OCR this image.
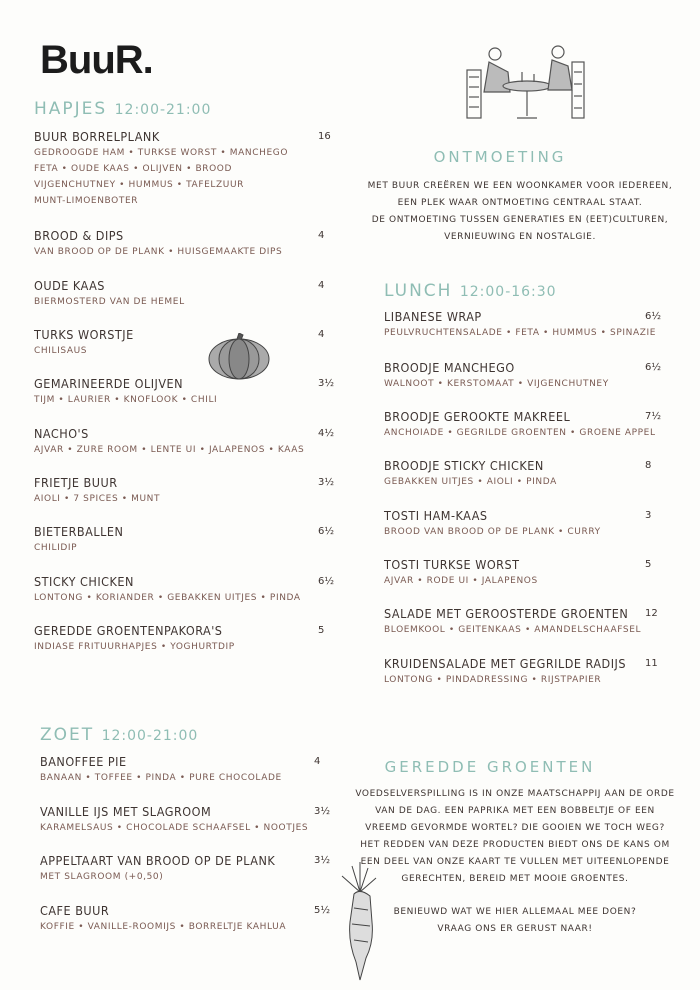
BuuR.
HAPJES 12:00-21:00
BUUR BORRELPLANK
GEDROOGDE HAM • TURKSE WORST • MANCHEGO
FETA • OUDE KAAS • OLIJVEN • BROOD
VIJGENCHUTNEY • HUMMUS • TAFELZUUR
MUNT-LIMOENBOTER
16
BROOD & DIPS
VAN BROOD OP DE PLANK • HUISGEMAAKTE DIPS
4
OUDE KAAS
BIERMOSTERD VAN DE HEMEL
4
TURKS WORSTJE
CHILISAUS
4
GEMARINEERDE OLIJVEN
TIJM • LAURIER • KNOFLOOK • CHILI
3½
NACHO'S
AJVAR • ZURE ROOM • LENTE UI • JALAPENOS • KAAS
4½
FRIETJE BUUR
AIOLI • 7 SPICES • MUNT
3½
BIETERBALLEN
CHILIDIP
6½
STICKY CHICKEN
LONTONG • KORIANDER • GEBAKKEN UITJES • PINDA
6½
GEREDDE GROENTENPAKORA'S
INDIASE FRITUURHAPJES • YOGHURTDIP
5
ONTMOETING
MET BUUR CREËREN WE EEN WOONKAMER VOOR IEDEREEN,
EEN PLEK WAAR ONTMOETING CENTRAAL STAAT.
DE ONTMOETING TUSSEN GENERATIES EN (EET)CULTUREN,
VERNIEUWING EN NOSTALGIE.
LUNCH 12:00-16:30
LIBANESE WRAP
PEULVRUCHTENSALADE • FETA • HUMMUS • SPINAZIE
6½
BROODJE MANCHEGO
WALNOOT • KERSTOMAAT • VIJGENCHUTNEY
6½
BROODJE GEROOKTE MAKREEL
ANCHOIADE • GEGRILDE GROENTEN • GROENE APPEL
7½
BROODJE STICKY CHICKEN
GEBAKKEN UITJES • AIOLI • PINDA
8
TOSTI HAM-KAAS
BROOD VAN BROOD OP DE PLANK • CURRY
3
TOSTI TURKSE WORST
AJVAR • RODE UI • JALAPENOS
5
SALADE MET GEROOSTERDE GROENTEN
BLOEMKOOL • GEITENKAAS • AMANDELSCHAAFSEL
12
KRUIDENSALADE MET GEGRILDE RADIJS
LONTONG • PINDADRESSING • RIJSTPAPIER
11
ZOET 12:00-21:00
BANOFFEE PIE
BANAAN • TOFFEE • PINDA • PURE CHOCOLADE
4
VANILLE IJS MET SLAGROOM
KARAMELSAUS • CHOCOLADE SCHAAFSEL • NOOTJES
3½
APPELTAART VAN BROOD OP DE PLANK
MET SLAGROOM (+0,50)
3½
CAFE BUUR
KOFFIE • VANILLE-ROOMIJS • BORRELTJE KAHLUA
5½
GEREDDE GROENTEN
VOEDSELVERSPILLING IS IN ONZE MAATSCHAPPIJ AAN DE ORDE
VAN DE DAG. EEN PAPRIKA MET EEN BOBBELTJE OF EEN
VREEMD GEVORMDE WORTEL? DIE GOOIEN WE TOCH WEG?
HET REDDEN VAN DEZE PRODUCTEN BIEDT ONS DE KANS OM
EEN DEEL VAN ONZE KAART TE VULLEN MET UITEENLOPENDE
GERECHTEN, BEREID MET MOOIE GROENTES.
BENIEUWD WAT WE HIER ALLEMAAL MEE DOEN?
VRAAG ONS ER GERUST NAAR!
